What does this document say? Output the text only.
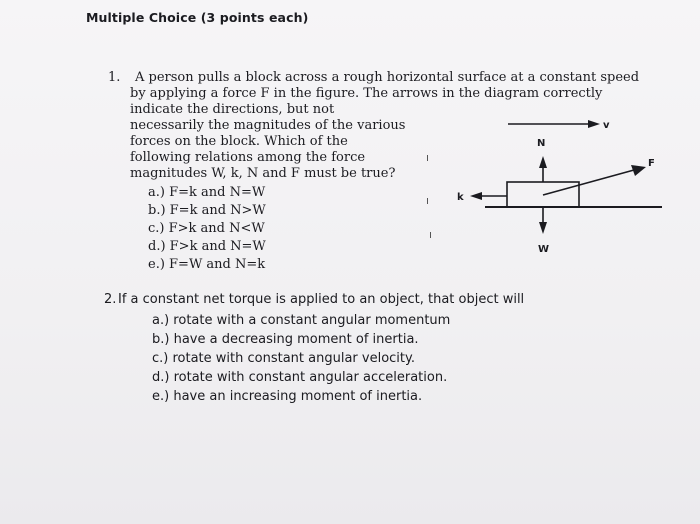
Multiple Choice (3 points each)
1. A person pulls a block across a rough horizontal surface at a constant speed
by applying a force F in the figure. The arrows in the diagram correctly
indicate the directions, but not
necessarily the magnitudes of the various
forces on the block. Which of the
following relations among the force
magnitudes W, k, N and F must be true?
a.) F=k and N=W
b.) F=k and N>W
c.) F>k and N<W
d.) F>k and N=W
e.) F=W and N=k
v
N
F
k
W
2. If a constant net torque is applied to an object, that object will
a.) rotate with a constant angular momentum
b.) have a decreasing moment of inertia.
c.) rotate with constant angular velocity.
d.) rotate with constant angular acceleration.
e.) have an increasing moment of inertia.
